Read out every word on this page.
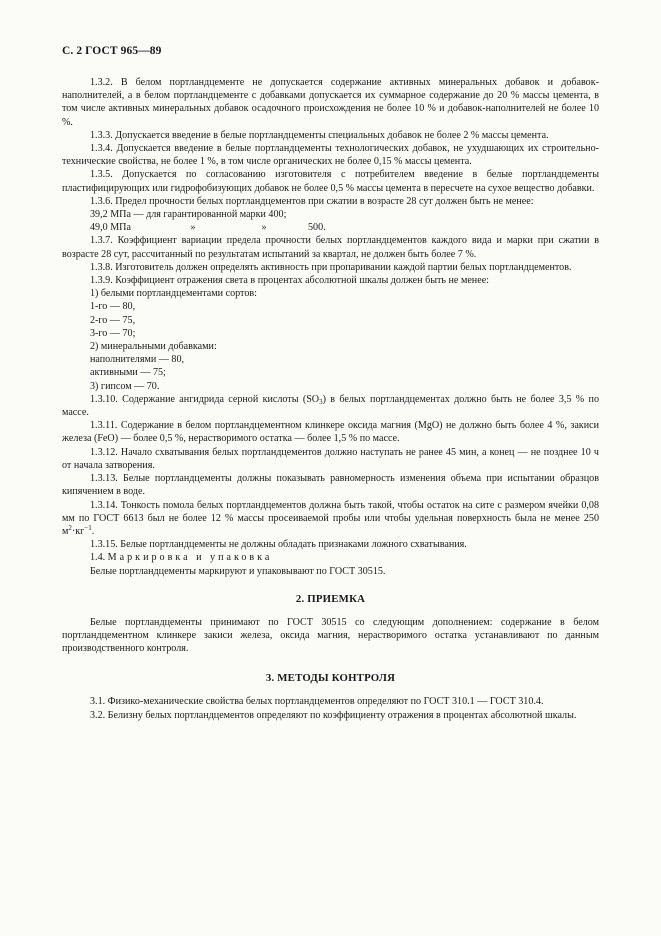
С. 2 ГОСТ 965—89

1.3.2. В белом портландцементе не допускается содержание активных минеральных добавок и добавок-наполнителей, а в белом портландцементе с добавками допускается их суммарное содержание до 20 % массы цемента, в том числе активных минеральных добавок осадочного происхождения не более 10 % и добавок-наполнителей не более 10 %.

1.3.3. Допускается введение в белые портландцементы специальных добавок не более 2 % массы цемента.

1.3.4. Допускается введение в белые портландцементы технологических добавок, не ухудшающих их строительно-технические свойства, не более 1 %, в том числе органических не более 0,15 % массы цемента.

1.3.5. Допускается по согласованию изготовителя с потребителем введение в белые портландцементы пластифицирующих или гидрофобизующих добавок не более 0,5 % массы цемента в пересчете на сухое вещество добавки.

1.3.6. Предел прочности белых портландцементов при сжатии в возрасте 28 сут должен быть не менее:

39,2 МПа — для гарантированной марки 400;

49,0 МПа	»	»	500.

1.3.7. Коэффициент вариации предела прочности белых портландцементов каждого вида и марки при сжатии в возрасте 28 сут, рассчитанный по результатам испытаний за квартал, не должен быть более 7 %.

1.3.8. Изготовитель должен определять активность при пропаривании каждой партии белых портландцементов.

1.3.9. Коэффициент отражения света в процентах абсолютной шкалы должен быть не менее:

1) белыми портландцементами сортов:

1-го — 80,

2-го — 75,

3-го — 70;

2) минеральными добавками:

наполнителями — 80,

активными — 75;

3) гипсом — 70.

1.3.10. Содержание ангидрида серной кислоты $(SO_3)$ в белых портландцементах должно быть не более 3,5 % по массе.

1.3.11. Содержание в белом портландцементном клинкере оксида магния (MgO) не должно быть более 4 %, закиси железа (FeO) — более 0,5 %, нерастворимого остатка — более 1,5 % по массе.

1.3.12. Начало схватывания белых портландцементов должно наступать не ранее 45 мин, а конец — не позднее 10 ч от начала затворения.

1.3.13. Белые портландцементы должны показывать равномерность изменения объема при испытании образцов кипячением в воде.

1.3.14. Тонкость помола белых портландцементов должна быть такой, чтобы остаток на сите с размером ячейки 0,08 мм по ГОСТ 6613 был не более 12 % массы просеиваемой пробы или чтобы удельная поверхность была не менее 250 $м^2\cdot кг^{-1}$.

1.3.15. Белые портландцементы не должны обладать признаками ложного схватывания.

1.4. Маркировка и упаковка

Белые портландцементы маркируют и упаковывают по ГОСТ 30515.

2. ПРИЕМКА

Белые портландцементы принимают по ГОСТ 30515 со следующим дополнением: содержание в белом портландцементном клинкере закиси железа, оксида магния, нерастворимого остатка устанавливают по данным производственного контроля.

3. МЕТОДЫ КОНТРОЛЯ

3.1. Физико-механические свойства белых портландцементов определяют по ГОСТ 310.1 — ГОСТ 310.4.

3.2. Белизну белых портландцементов определяют по коэффициенту отражения в процентах абсолютной шкалы.
